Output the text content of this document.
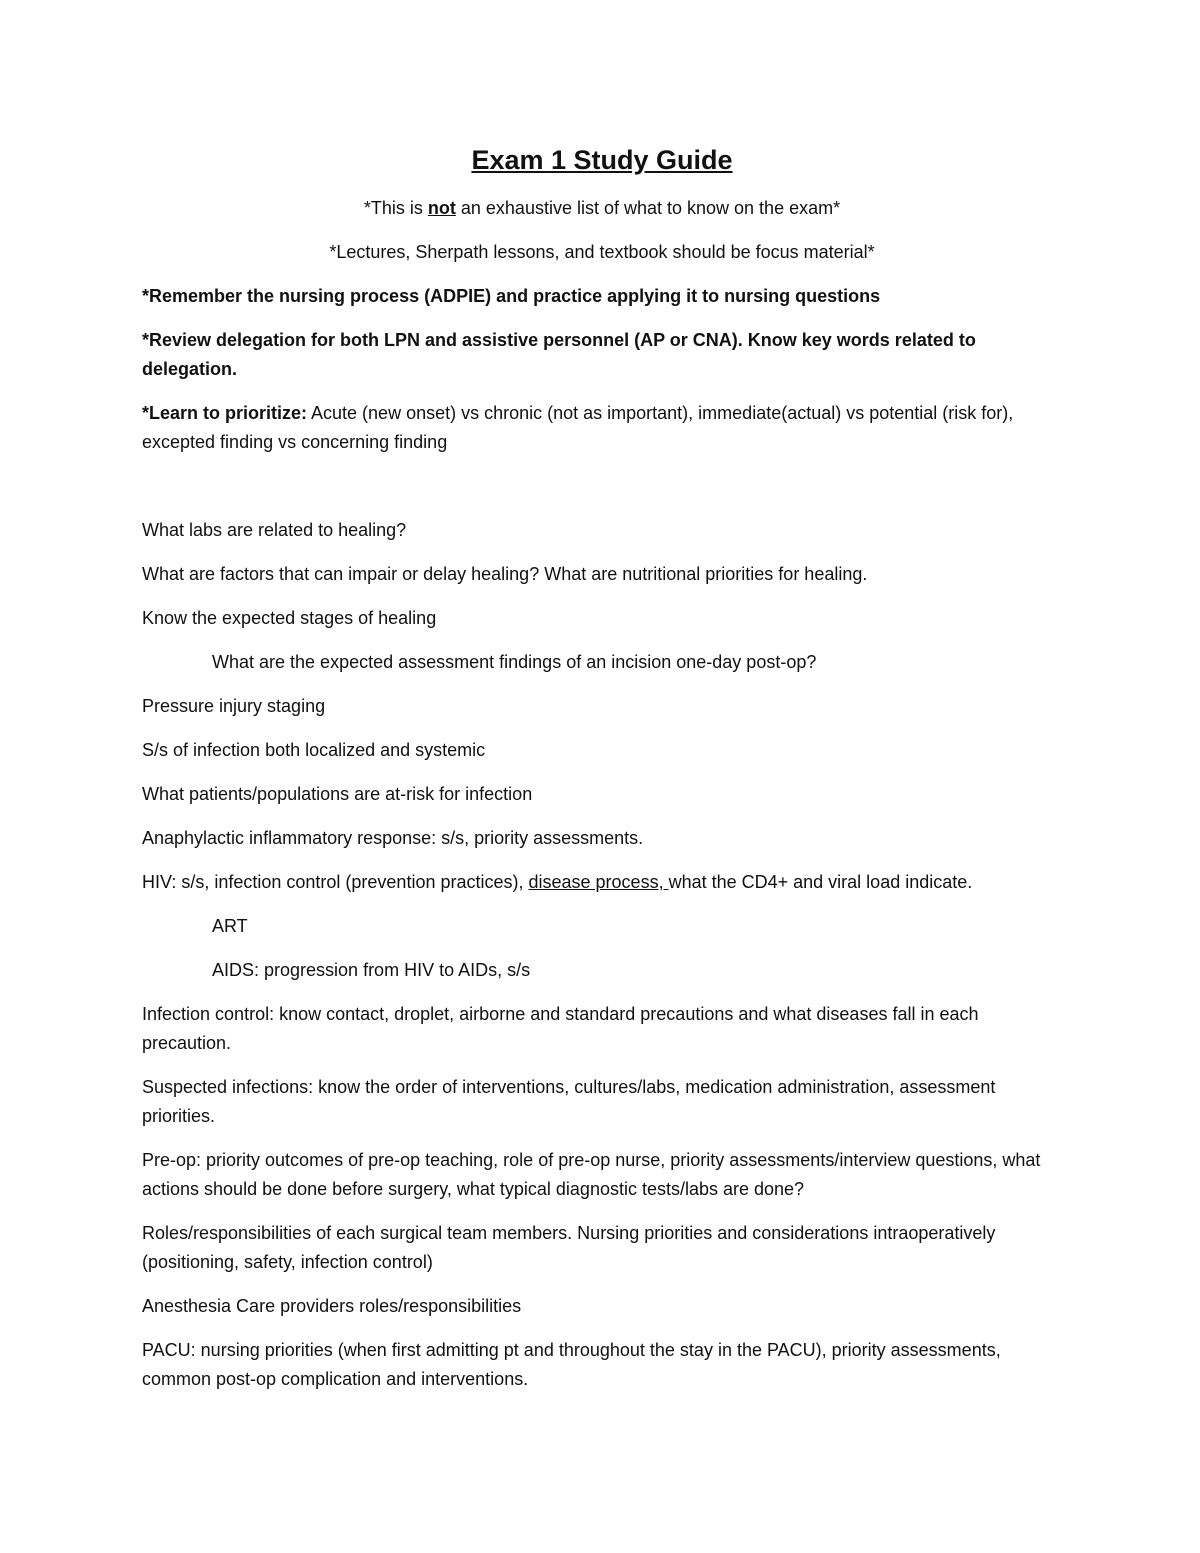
Exam 1 Study Guide
*This is not an exhaustive list of what to know on the exam*
*Lectures, Sherpath lessons, and textbook should be focus material*
*Remember the nursing process (ADPIE) and practice applying it to nursing questions
*Review delegation for both LPN and assistive personnel (AP or CNA). Know key words related to delegation.
*Learn to prioritize: Acute (new onset) vs chronic (not as important), immediate(actual) vs potential (risk for), excepted finding vs concerning finding
What labs are related to healing?
What are factors that can impair or delay healing? What are nutritional priorities for healing.
Know the expected stages of healing
What are the expected assessment findings of an incision one-day post-op?
Pressure injury staging
S/s of infection both localized and systemic
What patients/populations are at-risk for infection
Anaphylactic inflammatory response: s/s, priority assessments.
HIV: s/s, infection control (prevention practices), disease process, what the CD4+ and viral load indicate.
ART
AIDS: progression from HIV to AIDs, s/s
Infection control: know contact, droplet, airborne and standard precautions and what diseases fall in each precaution.
Suspected infections: know the order of interventions, cultures/labs, medication administration, assessment priorities.
Pre-op: priority outcomes of pre-op teaching, role of pre-op nurse, priority assessments/interview questions, what actions should be done before surgery, what typical diagnostic tests/labs are done?
Roles/responsibilities of each surgical team members. Nursing priorities and considerations intraoperatively (positioning, safety, infection control)
Anesthesia Care providers roles/responsibilities
PACU: nursing priorities (when first admitting pt and throughout the stay in the PACU), priority assessments, common post-op complication and interventions.
